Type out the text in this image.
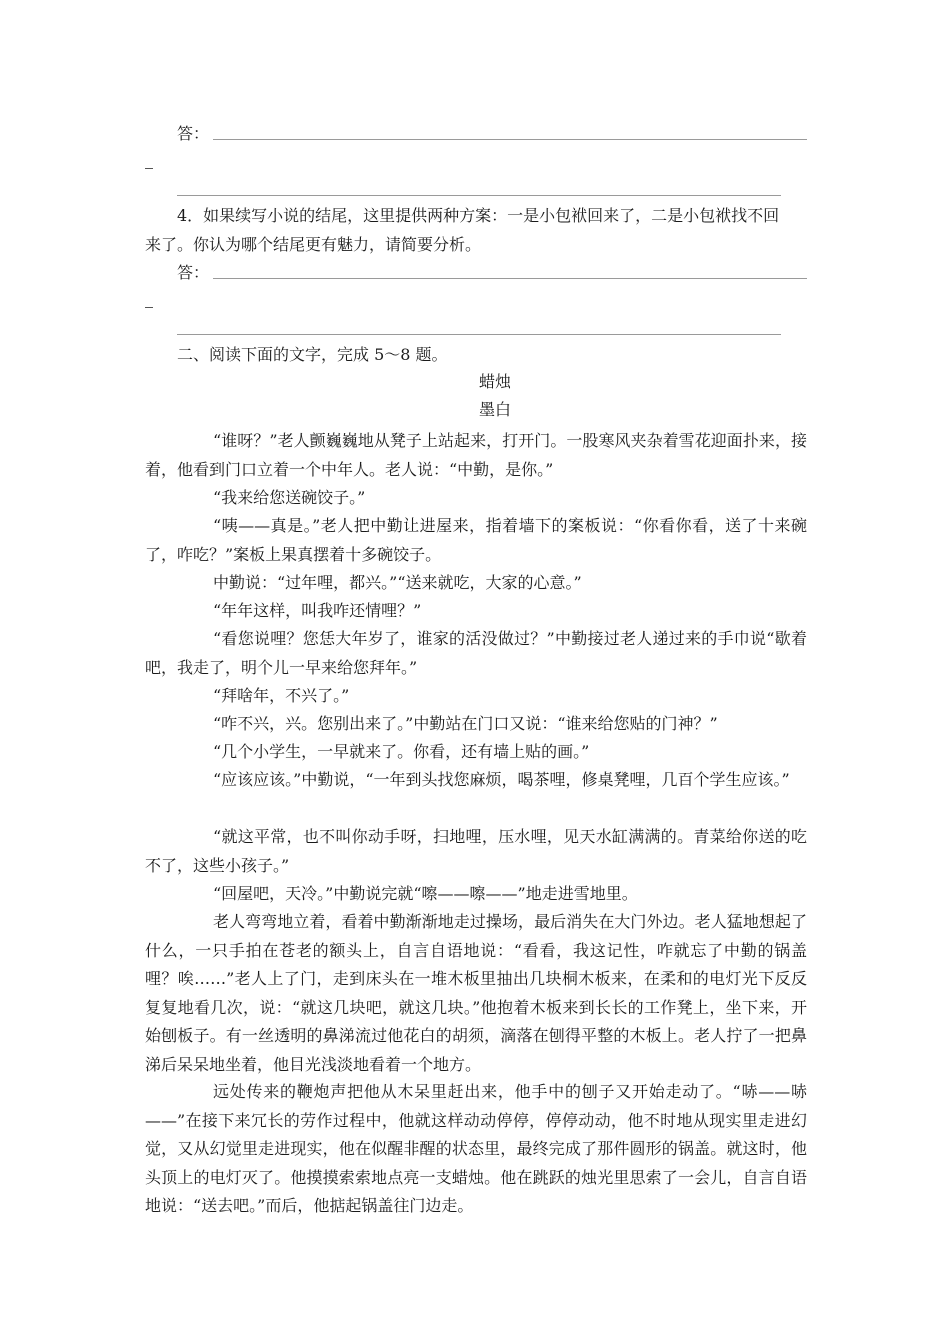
答：
4．如果续写小说的结尾，这里提供两种方案：一是小包袱回来了，二是小包袱找不回
来了。你认为哪个结尾更有魅力，请简要分析。
答：
二、阅读下面的文字，完成 5～8 题。
蜡烛
墨白
“谁呀？”老人颤巍巍地从凳子上站起来，打开门。一股寒风夹杂着雪花迎面扑来，接着，他看到门口立着一个中年人。老人说：“中勤，是你。”
“我来给您送碗饺子。”
“咦——真是。”老人把中勤让进屋来，指着墙下的案板说：“你看你看，送了十来碗了，咋吃？”案板上果真摆着十多碗饺子。
中勤说：“过年哩，都兴。”“送来就吃，大家的心意。”
“年年这样，叫我咋还情哩？”
“看您说哩？您恁大年岁了，谁家的活没做过？”中勤接过老人递过来的手巾说“歇着吧，我走了，明个儿一早来给您拜年。”
“拜啥年，不兴了。”
“咋不兴，兴。您别出来了。”中勤站在门口又说：“谁来给您贴的门神？”
“几个小学生，一早就来了。你看，还有墙上贴的画。”
“应该应该。”中勤说，“一年到头找您麻烦，喝茶哩，修桌凳哩，几百个学生应该。”
“就这平常，也不叫你动手呀，扫地哩，压水哩，见天水缸满满的。青菜给你送的吃不了，这些小孩子。”
“回屋吧，天冷。”中勤说完就“嚓——嚓——”地走进雪地里。
老人弯弯地立着，看着中勤渐渐地走过操场，最后消失在大门外边。老人猛地想起了什么，一只手拍在苍老的额头上，自言自语地说：“看看，我这记性，咋就忘了中勤的锅盖哩？唉……”老人上了门，走到床头在一堆木板里抽出几块桐木板来，在柔和的电灯光下反反复复地看几次，说：“就这几块吧，就这几块。”他抱着木板来到长长的工作凳上，坐下来，开始刨板子。有一丝透明的鼻涕流过他花白的胡须，滴落在刨得平整的木板上。老人拧了一把鼻涕后呆呆地坐着，他目光浅淡地看着一个地方。
远处传来的鞭炮声把他从木呆里赶出来，他手中的刨子又开始走动了。“哧——哧——”在接下来冗长的劳作过程中，他就这样动动停停，停停动动，他不时地从现实里走进幻觉，又从幻觉里走进现实，他在似醒非醒的状态里，最终完成了那件圆形的锅盖。就这时，他头顶上的电灯灭了。他摸摸索索地点亮一支蜡烛。他在跳跃的烛光里思索了一会儿，自言自语地说：“送去吧。”而后，他掂起锅盖往门边走。
